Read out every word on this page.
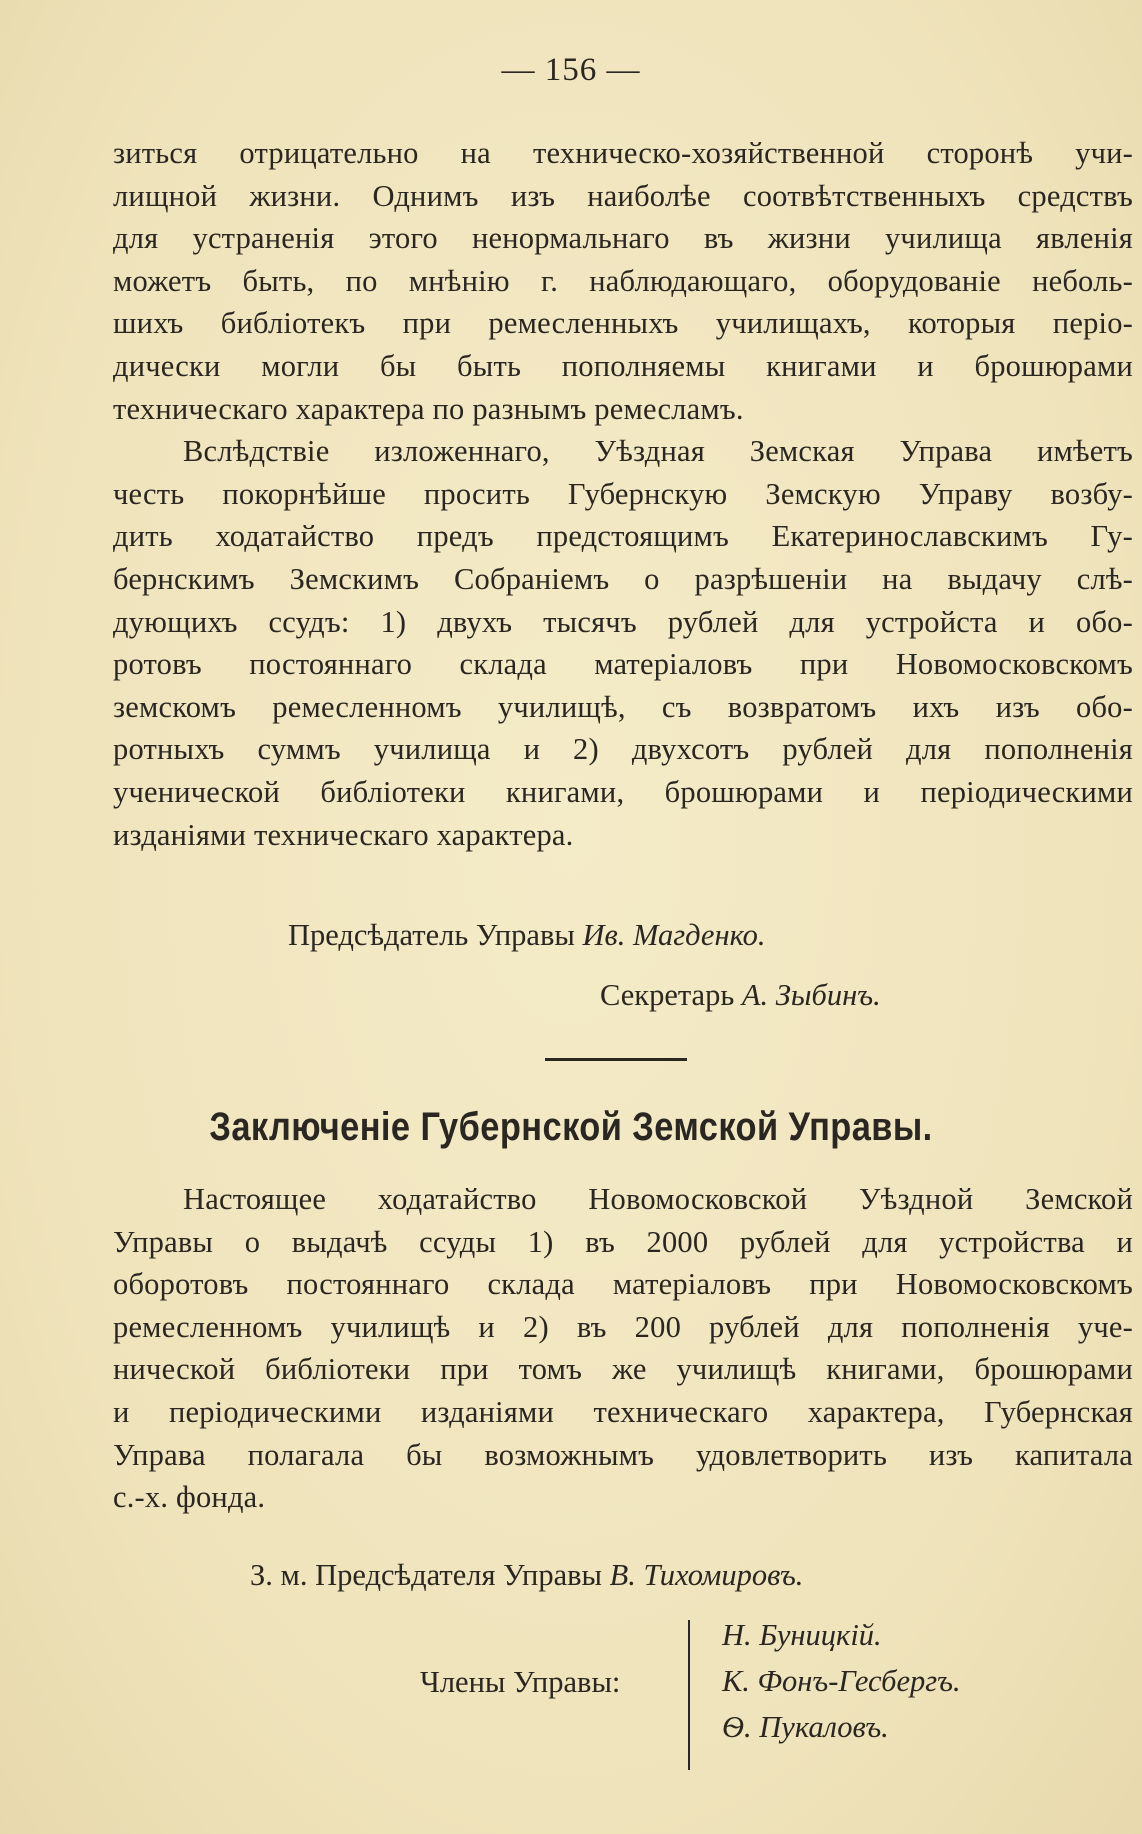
— 156 —
зиться отрицательно на техническо-хозяйственной сторонѣ учи-
лищной жизни. Однимъ изъ наиболѣе соотвѣтственныхъ средствъ
для устраненія этого ненормальнаго въ жизни училища явленія
можетъ быть, по мнѣнію г. наблюдающаго, оборудованіе неболь-
шихъ библіотекъ при ремесленныхъ училищахъ, которыя періо-
дически могли бы быть пополняемы книгами и брошюрами
техническаго характера по разнымъ ремесламъ.
Вслѣдствіе изложеннаго, Уѣздная Земская Управа имѣетъ
честь покорнѣйше просить Губернскую Земскую Управу возбу-
дить ходатайство предъ предстоящимъ Екатеринославскимъ Гу-
бернскимъ Земскимъ Собраніемъ о разрѣшеніи на выдачу слѣ-
дующихъ ссудъ: 1) двухъ тысячъ рублей для устройста и обо-
ротовъ постояннаго склада матеріаловъ при Новомосковскомъ
земскомъ ремесленномъ училищѣ, съ возвратомъ ихъ изъ обо-
ротныхъ суммъ училища и 2) двухсотъ рублей для пополненія
ученической библіотеки книгами, брошюрами и періодическими
изданіями техническаго характера.
Предсѣдатель Управы Ив. Магденко.
Секретарь А. Зыбинъ.
Заключеніе Губернской Земской Управы.
Настоящее ходатайство Новомосковской Уѣздной Земской
Управы о выдачѣ ссуды 1) въ 2000 рублей для устройства и
оборотовъ постояннаго склада матеріаловъ при Новомосковскомъ
ремесленномъ училищѣ и 2) въ 200 рублей для пополненія уче-
нической библіотеки при томъ же училищѣ книгами, брошюрами
и періодическими изданіями техническаго характера, Губернская
Управа полагала бы возможнымъ удовлетворить изъ капитала
с.-х. фонда.
З. м. Предсѣдателя Управы В. Тихомировъ.
Члены Управы:
Н. Буницкій.
К. Фонъ-Гесбергъ.
Ѳ. Пукаловъ.
